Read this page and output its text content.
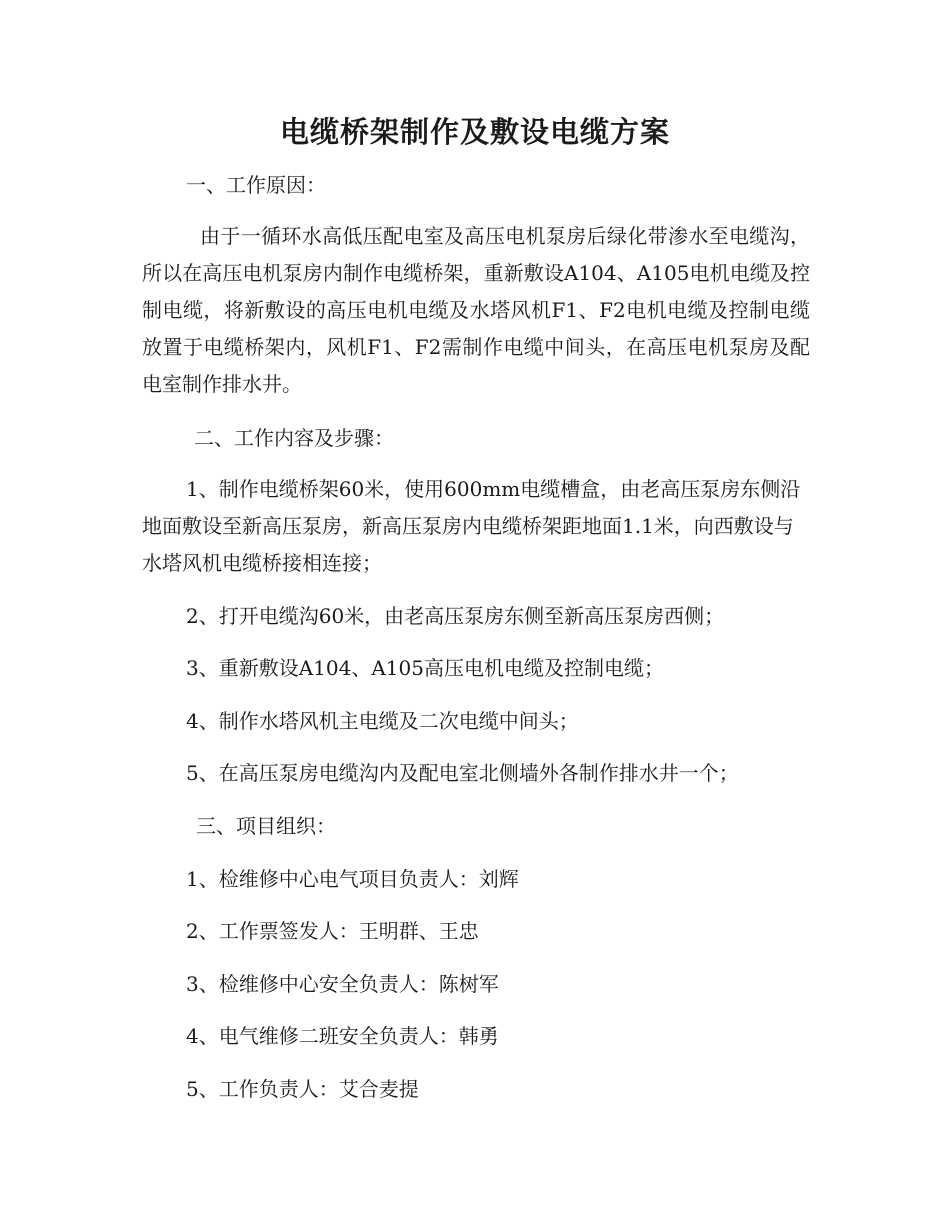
电缆桥架制作及敷设电缆方案
一、工作原因：
由于一循环水高低压配电室及高压电机泵房后绿化带渗水至电缆沟，所以在高压电机泵房内制作电缆桥架，重新敷设A104、A105电机电缆及控制电缆，将新敷设的高压电机电缆及水塔风机F1、F2电机电缆及控制电缆放置于电缆桥架内，风机F1、F2需制作电缆中间头，在高压电机泵房及配电室制作排水井。
二、工作内容及步骤：
1、制作电缆桥架60米，使用600mm电缆槽盒，由老高压泵房东侧沿地面敷设至新高压泵房，新高压泵房内电缆桥架距地面1.1米，向西敷设与水塔风机电缆桥接相连接；
2、打开电缆沟60米，由老高压泵房东侧至新高压泵房西侧；
3、重新敷设A104、A105高压电机电缆及控制电缆；
4、制作水塔风机主电缆及二次电缆中间头；
5、在高压泵房电缆沟内及配电室北侧墙外各制作排水井一个；
三、项目组织：
1、检维修中心电气项目负责人：刘辉
2、工作票签发人：王明群、王忠
3、检维修中心安全负责人：陈树军
4、电气维修二班安全负责人：韩勇
5、工作负责人：艾合麦提
